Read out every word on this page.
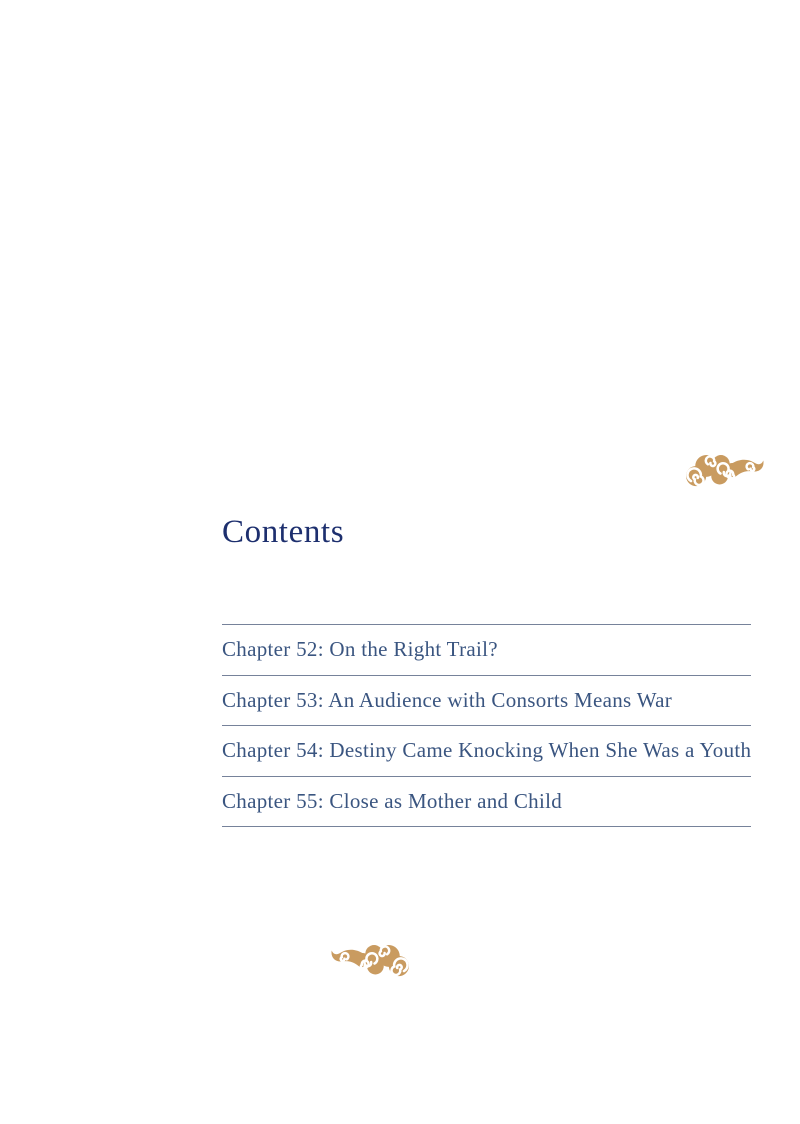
Contents
Chapter 52: On the Right Trail?
Chapter 53: An Audience with Consorts Means War
Chapter 54: Destiny Came Knocking When She Was a Youth
Chapter 55: Close as Mother and Child
